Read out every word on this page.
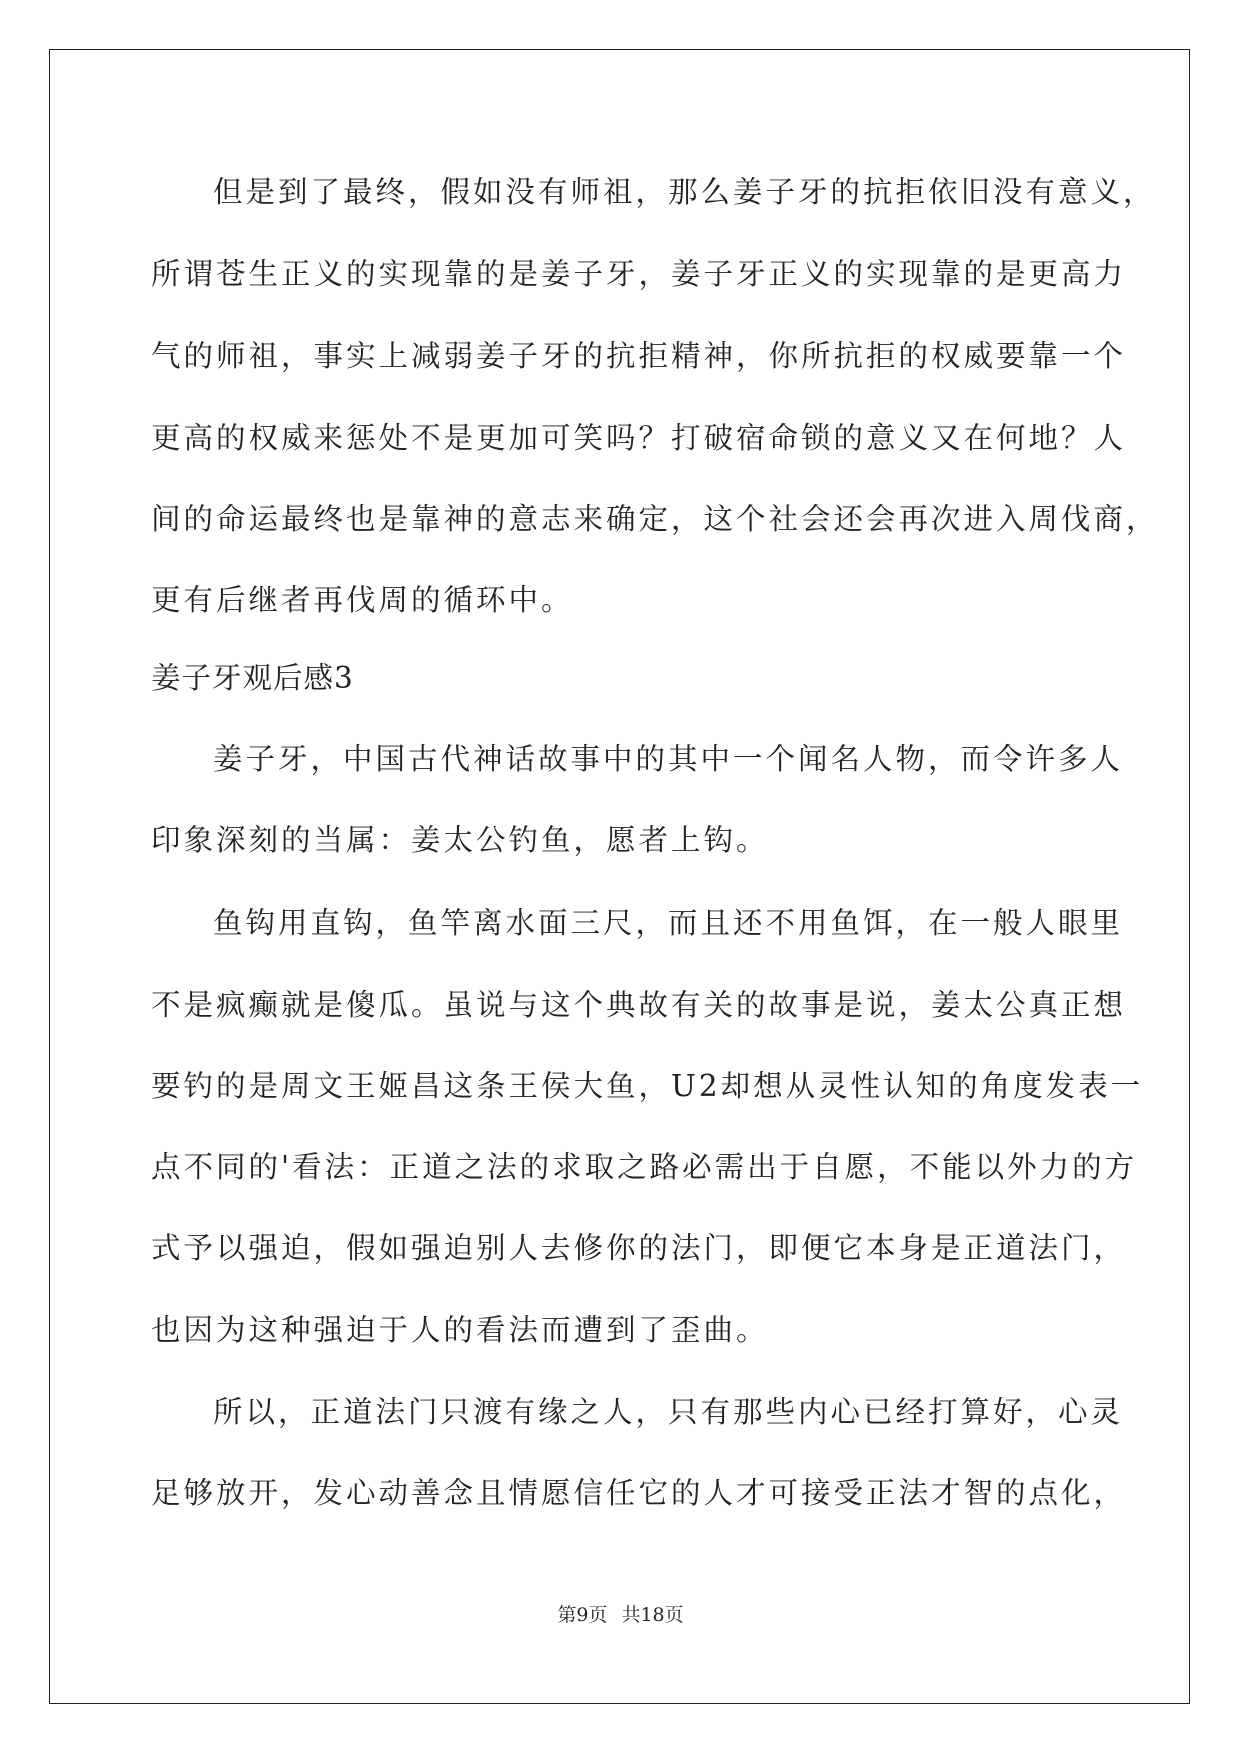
但是到了最终，假如没有师祖，那么姜子牙的抗拒依旧没有意义，
所谓苍生正义的实现靠的是姜子牙，姜子牙正义的实现靠的是更高力
气的师祖，事实上减弱姜子牙的抗拒精神，你所抗拒的权威要靠一个
更高的权威来惩处不是更加可笑吗？打破宿命锁的意义又在何地？人
间的命运最终也是靠神的意志来确定，这个社会还会再次进入周伐商，
更有后继者再伐周的循环中。
姜子牙观后感3
姜子牙，中国古代神话故事中的其中一个闻名人物，而令许多人
印象深刻的当属：姜太公钓鱼，愿者上钩。
鱼钩用直钩，鱼竿离水面三尺，而且还不用鱼饵，在一般人眼里
不是疯癫就是傻瓜。虽说与这个典故有关的故事是说，姜太公真正想
要钓的是周文王姬昌这条王侯大鱼，U2却想从灵性认知的角度发表一
点不同的'看法：正道之法的求取之路必需出于自愿，不能以外力的方
式予以强迫，假如强迫别人去修你的法门，即便它本身是正道法门，
也因为这种强迫于人的看法而遭到了歪曲。
所以，正道法门只渡有缘之人，只有那些内心已经打算好，心灵
足够放开，发心动善念且情愿信任它的人才可接受正法才智的点化，
第9页 共18页
